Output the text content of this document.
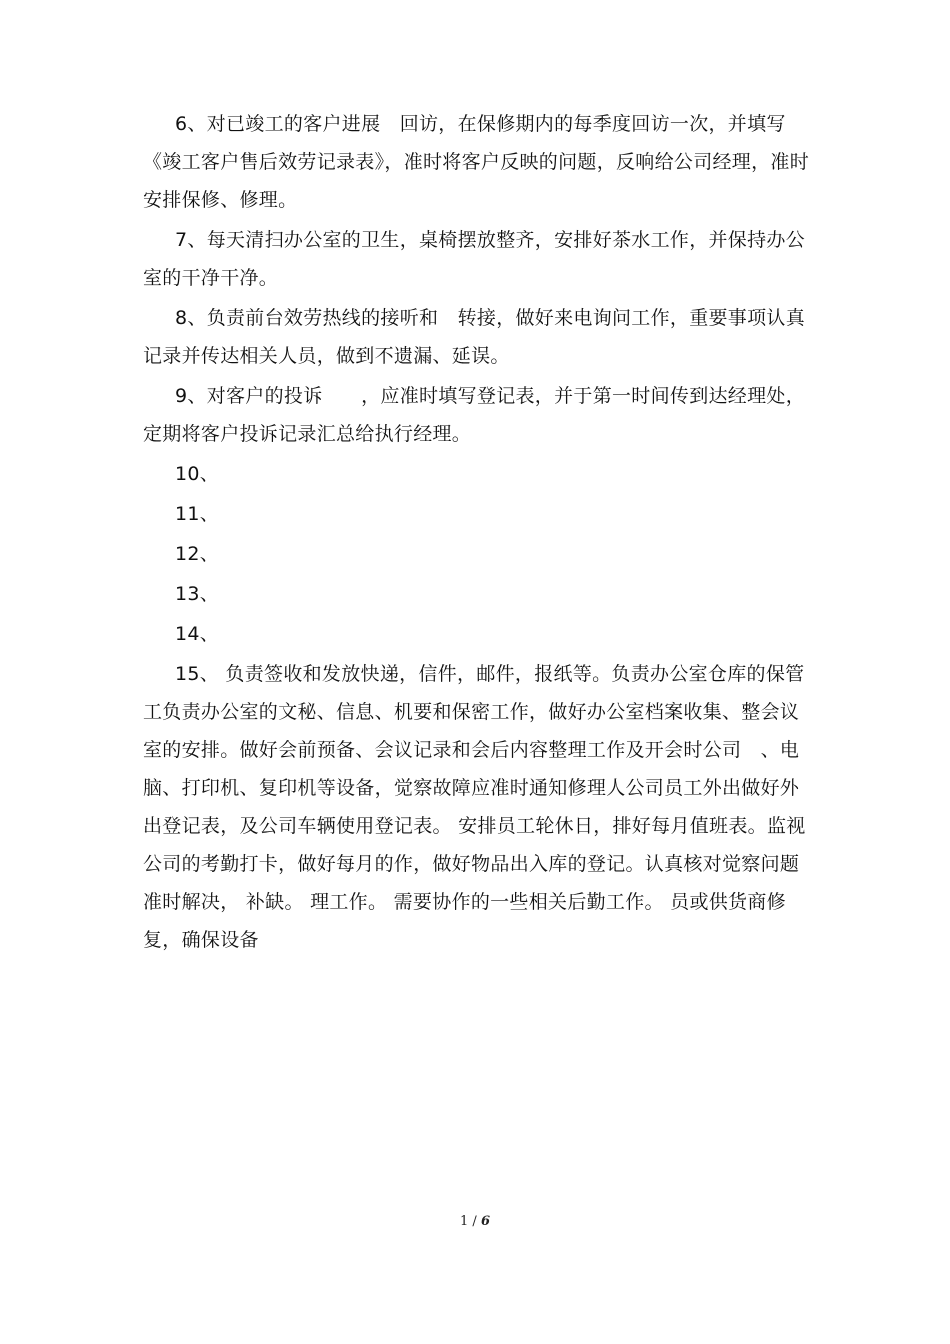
6、对已竣工的客户进展　回访，在保修期内的每季度回访一次，并填写《竣工客户售后效劳记录表》，准时将客户反映的问题，反响给公司经理，准时安排保修、修理。

7、每天清扫办公室的卫生，桌椅摆放整齐，安排好茶水工作，并保持办公室的干净干净。

8、负责前台效劳热线的接听和　转接，做好来电询问工作，重要事项认真记录并传达相关人员，做到不遗漏、延误。

9、对客户的投诉　　，应准时填写登记表，并于第一时间传到达经理处，定期将客户投诉记录汇总给执行经理。

10、

11、

12、

13、

14、

15、 负责签收和发放快递，信件，邮件，报纸等。负责办公室仓库的保管工负责办公室的文秘、信息、机要和保密工作，做好办公室档案收集、整会议室的安排。做好会前预备、会议记录和会后内容整理工作及开会时公司　、电脑、打印机、复印机等设备，觉察故障应准时通知修理人公司员工外出做好外出登记表，及公司车辆使用登记表。 安排员工轮休日，排好每月值班表。监视公司的考勤打卡，做好每月的作，做好物品出入库的登记。认真核对觉察问题准时解决， 补缺。 理工作。 需要协作的一些相关后勤工作。 员或供货商修复，确保设备

1 / 6
